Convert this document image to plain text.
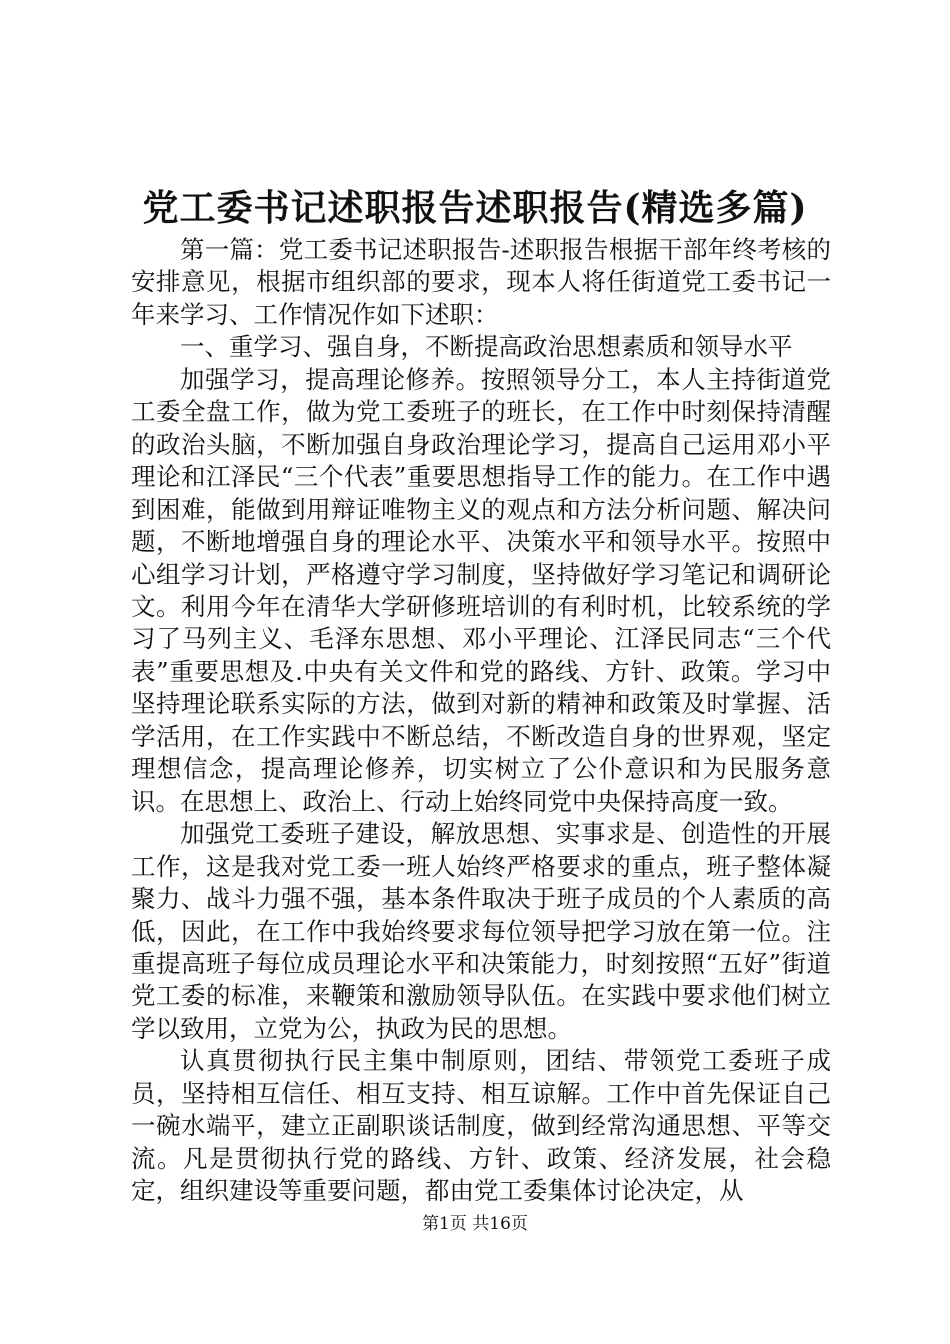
党工委书记述职报告述职报告(精选多篇)

第一篇：党工委书记述职报告-述职报告根据干部年终考核的安排意见，根据市组织部的要求，现本人将任街道党工委书记一年来学习、工作情况作如下述职：

一、重学习、强自身，不断提高政治思想素质和领导水平

加强学习，提高理论修养。按照领导分工，本人主持街道党工委全盘工作，做为党工委班子的班长，在工作中时刻保持清醒的政治头脑，不断加强自身政治理论学习，提高自己运用邓小平理论和江泽民“三个代表”重要思想指导工作的能力。在工作中遇到困难，能做到用辩证唯物主义的观点和方法分析问题、解决问题，不断地增强自身的理论水平、决策水平和领导水平。按照中心组学习计划，严格遵守学习制度，坚持做好学习笔记和调研论文。利用今年在清华大学研修班培训的有利时机，比较系统的学习了马列主义、毛泽东思想、邓小平理论、江泽民同志“三个代表”重要思想及.中央有关文件和党的路线、方针、政策。学习中坚持理论联系实际的方法，做到对新的精神和政策及时掌握、活学活用，在工作实践中不断总结，不断改造自身的世界观，坚定理想信念，提高理论修养，切实树立了公仆意识和为民服务意识。在思想上、政治上、行动上始终同党中央保持高度一致。

加强党工委班子建设，解放思想、实事求是、创造性的开展工作，这是我对党工委一班人始终严格要求的重点，班子整体凝聚力、战斗力强不强，基本条件取决于班子成员的个人素质的高低，因此，在工作中我始终要求每位领导把学习放在第一位。注重提高班子每位成员理论水平和决策能力，时刻按照“五好”街道党工委的标准，来鞭策和激励领导队伍。在实践中要求他们树立学以致用，立党为公，执政为民的思想。

认真贯彻执行民主集中制原则，团结、带领党工委班子成员，坚持相互信任、相互支持、相互谅解。工作中首先保证自己一碗水端平，建立正副职谈话制度，做到经常沟通思想、平等交流。凡是贯彻执行党的路线、方针、政策、经济发展，社会稳定，组织建设等重要问题，都由党工委集体讨论决定，从

第1页 共16页
